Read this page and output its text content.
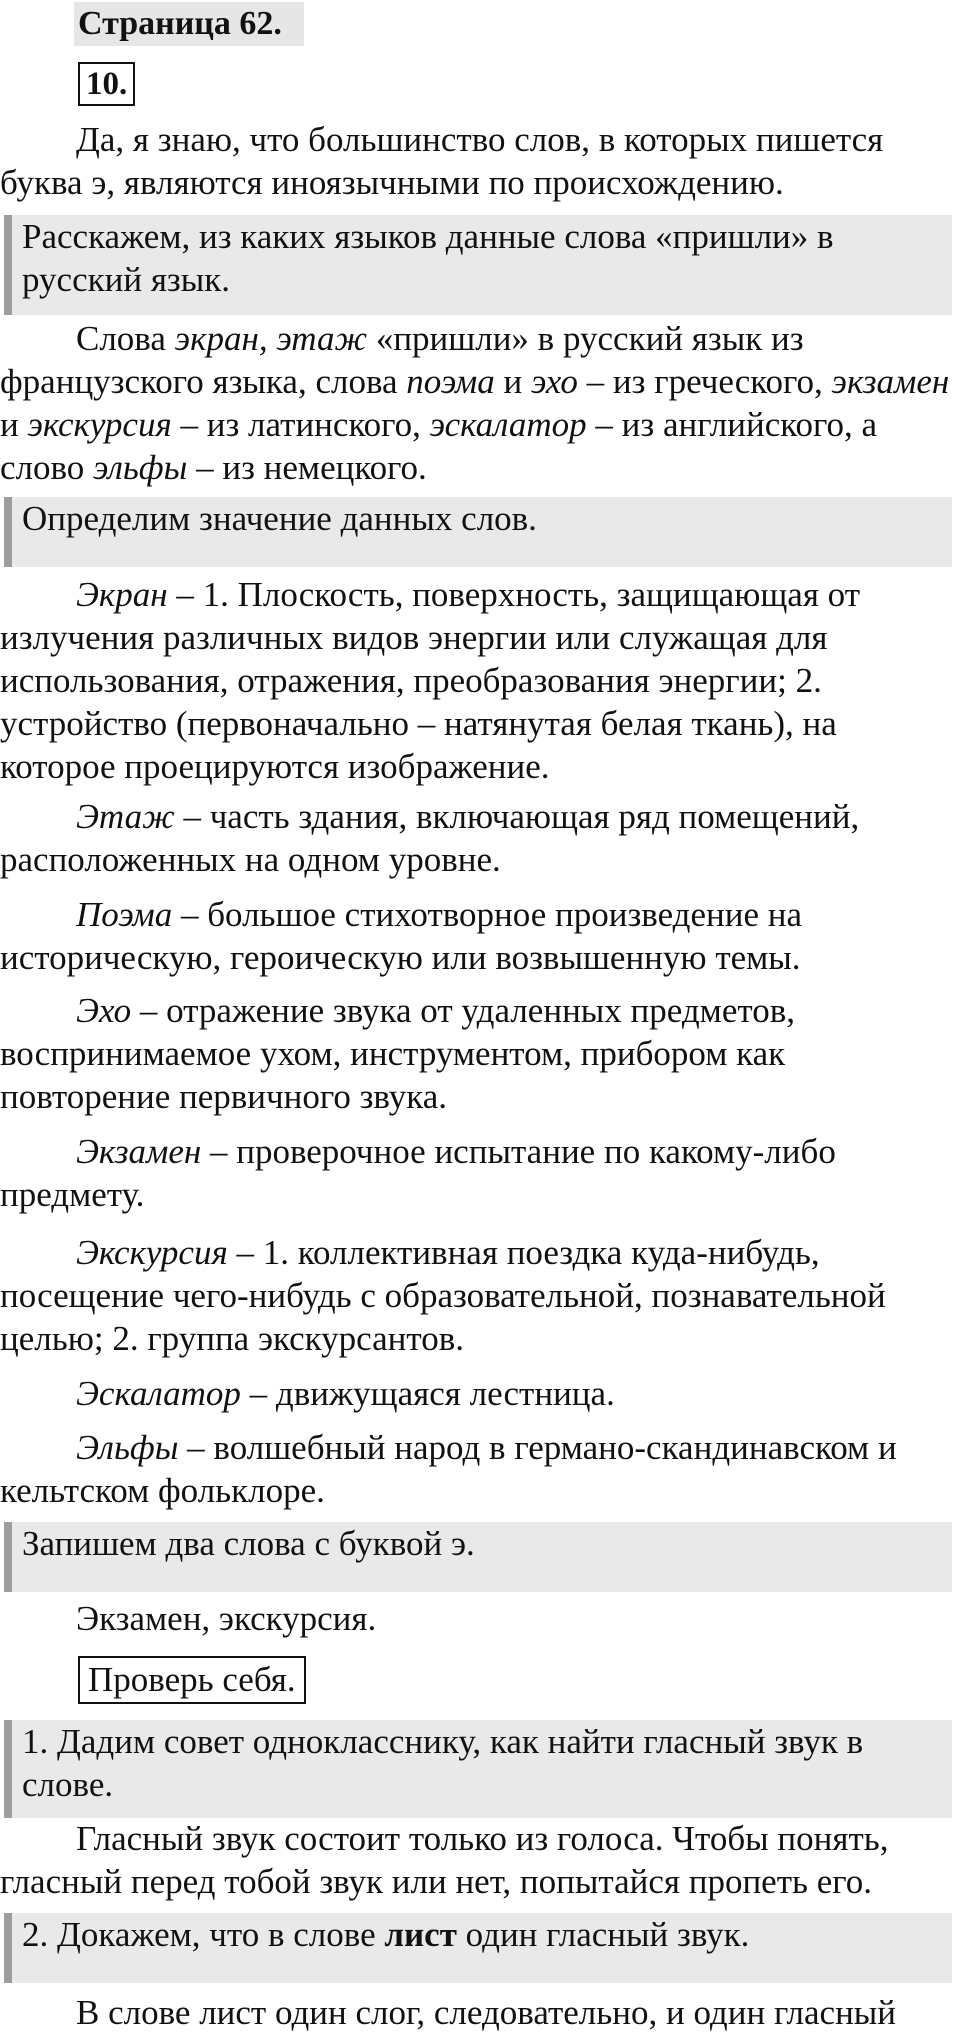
Страница 62.
10.

Да, я знаю, что большинство слов, в которых пишется буква э, являются иноязычными по происхождению.

Расскажем, из каких языков данные слова «пришли» в русский язык.

Слова экран, этаж «пришли» в русский язык из французского языка, слова поэма и эхо – из греческого, экзамен и экскурсия – из латинского, эскалатор – из английского, а слово эльфы – из немецкого.

Определим значение данных слов.

Экран – 1. Плоскость, поверхность, защищающая от излучения различных видов энергии или служащая для использования, отражения, преобразования энергии; 2. устройство (первоначально – натянутая белая ткань), на которое проецируются изображение.

Этаж – часть здания, включающая ряд помещений, расположенных на одном уровне.

Поэма – большое стихотворное произведение на историческую, героическую или возвышенную темы.

Эхо – отражение звука от удаленных предметов, воспринимаемое ухом, инструментом, прибором как повторение первичного звука.

Экзамен – проверочное испытание по какому-либо предмету.

Экскурсия – 1. коллективная поездка куда-нибудь, посещение чего-нибудь с образовательной, познавательной целью; 2. группа экскурсантов.

Эскалатор – движущаяся лестница.

Эльфы – волшебный народ в германо-скандинавском и кельтском фольклоре.

Запишем два слова с буквой э.

Экзамен, экскурсия.

Проверь себя.

1. Дадим совет однокласснику, как найти гласный звук в слове.

Гласный звук состоит только из голоса. Чтобы понять, гласный перед тобой звук или нет, попытайся пропеть его.

2. Докажем, что в слове лист один гласный звук.

В слове лист один слог, следовательно, и один гласный
